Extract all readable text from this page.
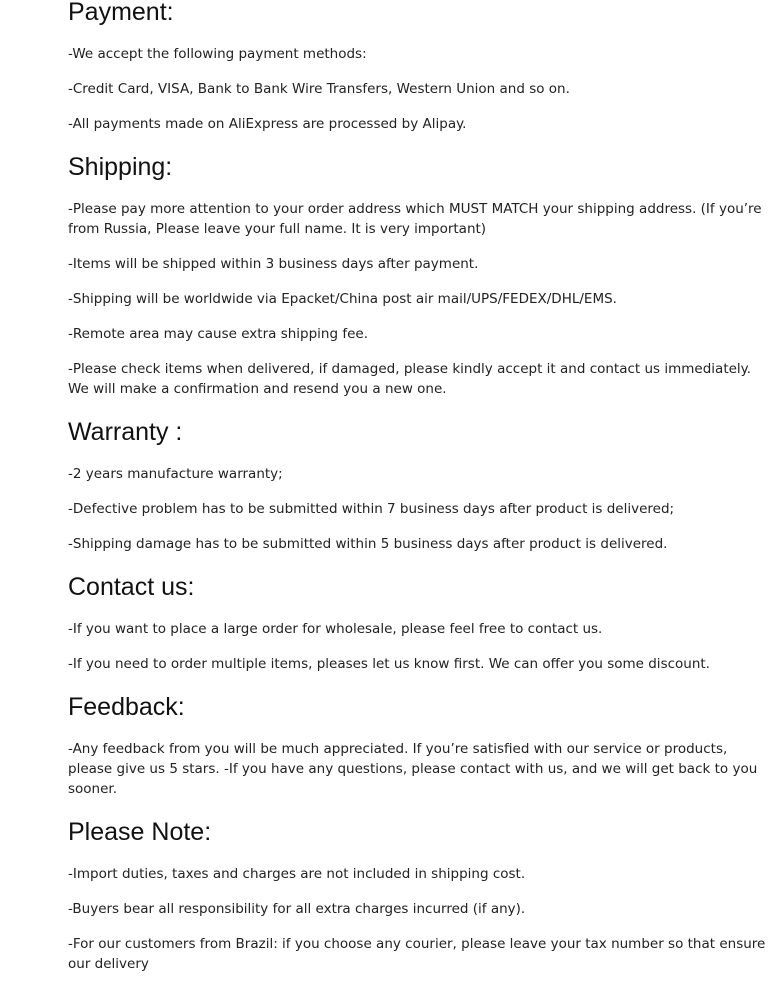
Payment:

-We accept the following payment methods:

-Credit Card, VISA, Bank to Bank Wire Transfers, Western Union and so on.

-All payments made on AliExpress are processed by Alipay.

Shipping:

-Please pay more attention to your order address which MUST MATCH your shipping address. (If you’re from Russia, Please leave your full name. It is very important)

-Items will be shipped within 3 business days after payment.

-Shipping will be worldwide via Epacket/China post air mail/UPS/FEDEX/DHL/EMS.

-Remote area may cause extra shipping fee.

-Please check items when delivered, if damaged, please kindly accept it and contact us immediately. We will make a confirmation and resend you a new one.

Warranty :

-2 years manufacture warranty;

-Defective problem has to be submitted within 7 business days after product is delivered;

-Shipping damage has to be submitted within 5 business days after product is delivered.

Contact us:

-If you want to place a large order for wholesale, please feel free to contact us.

-If you need to order multiple items, pleases let us know first. We can offer you some discount.

Feedback:

-Any feedback from you will be much appreciated. If you’re satisfied with our service or products, please give us 5 stars. -If you have any questions, please contact with us, and we will get back to you sooner.

Please Note:

-Import duties, taxes and charges are not included in shipping cost.

-Buyers bear all responsibility for all extra charges incurred (if any).

-For our customers from Brazil: if you choose any courier, please leave your tax number so that ensure our delivery
